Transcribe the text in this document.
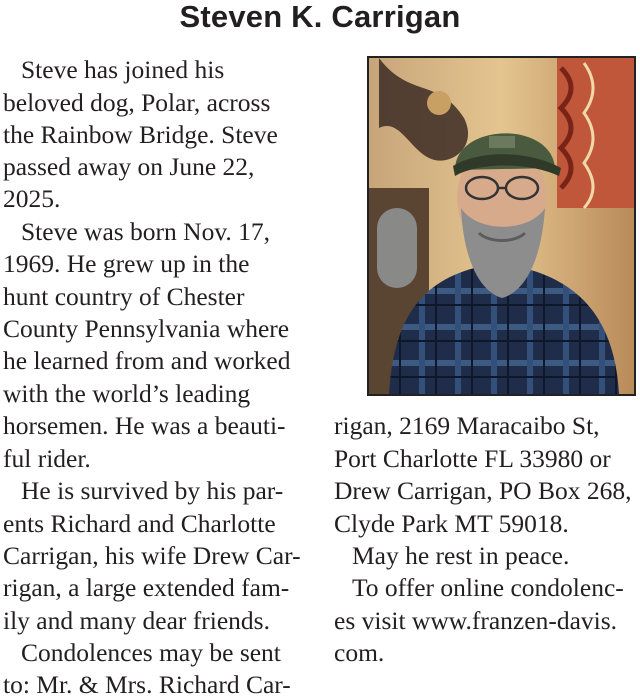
Steven K. Carrigan
Steve has joined his
beloved dog, Polar, across
the Rainbow Bridge. Steve
passed away on June 22,
2025.
Steve was born Nov. 17,
1969. He grew up in the
hunt country of Chester
County Pennsylvania where
he learned from and worked
with the world’s leading
horsemen. He was a beauti-
ful rider.
He is survived by his par-
ents Richard and Charlotte
Carrigan, his wife Drew Car-
rigan, a large extended fam-
ily and many dear friends.
Condolences may be sent
to: Mr. & Mrs. Richard Car-
rigan, 2169 Maracaibo St,
Port Charlotte FL 33980 or
Drew Carrigan, PO Box 268,
Clyde Park MT 59018.
May he rest in peace.
To offer online condolenc-
es visit www.franzen-davis.
com.
